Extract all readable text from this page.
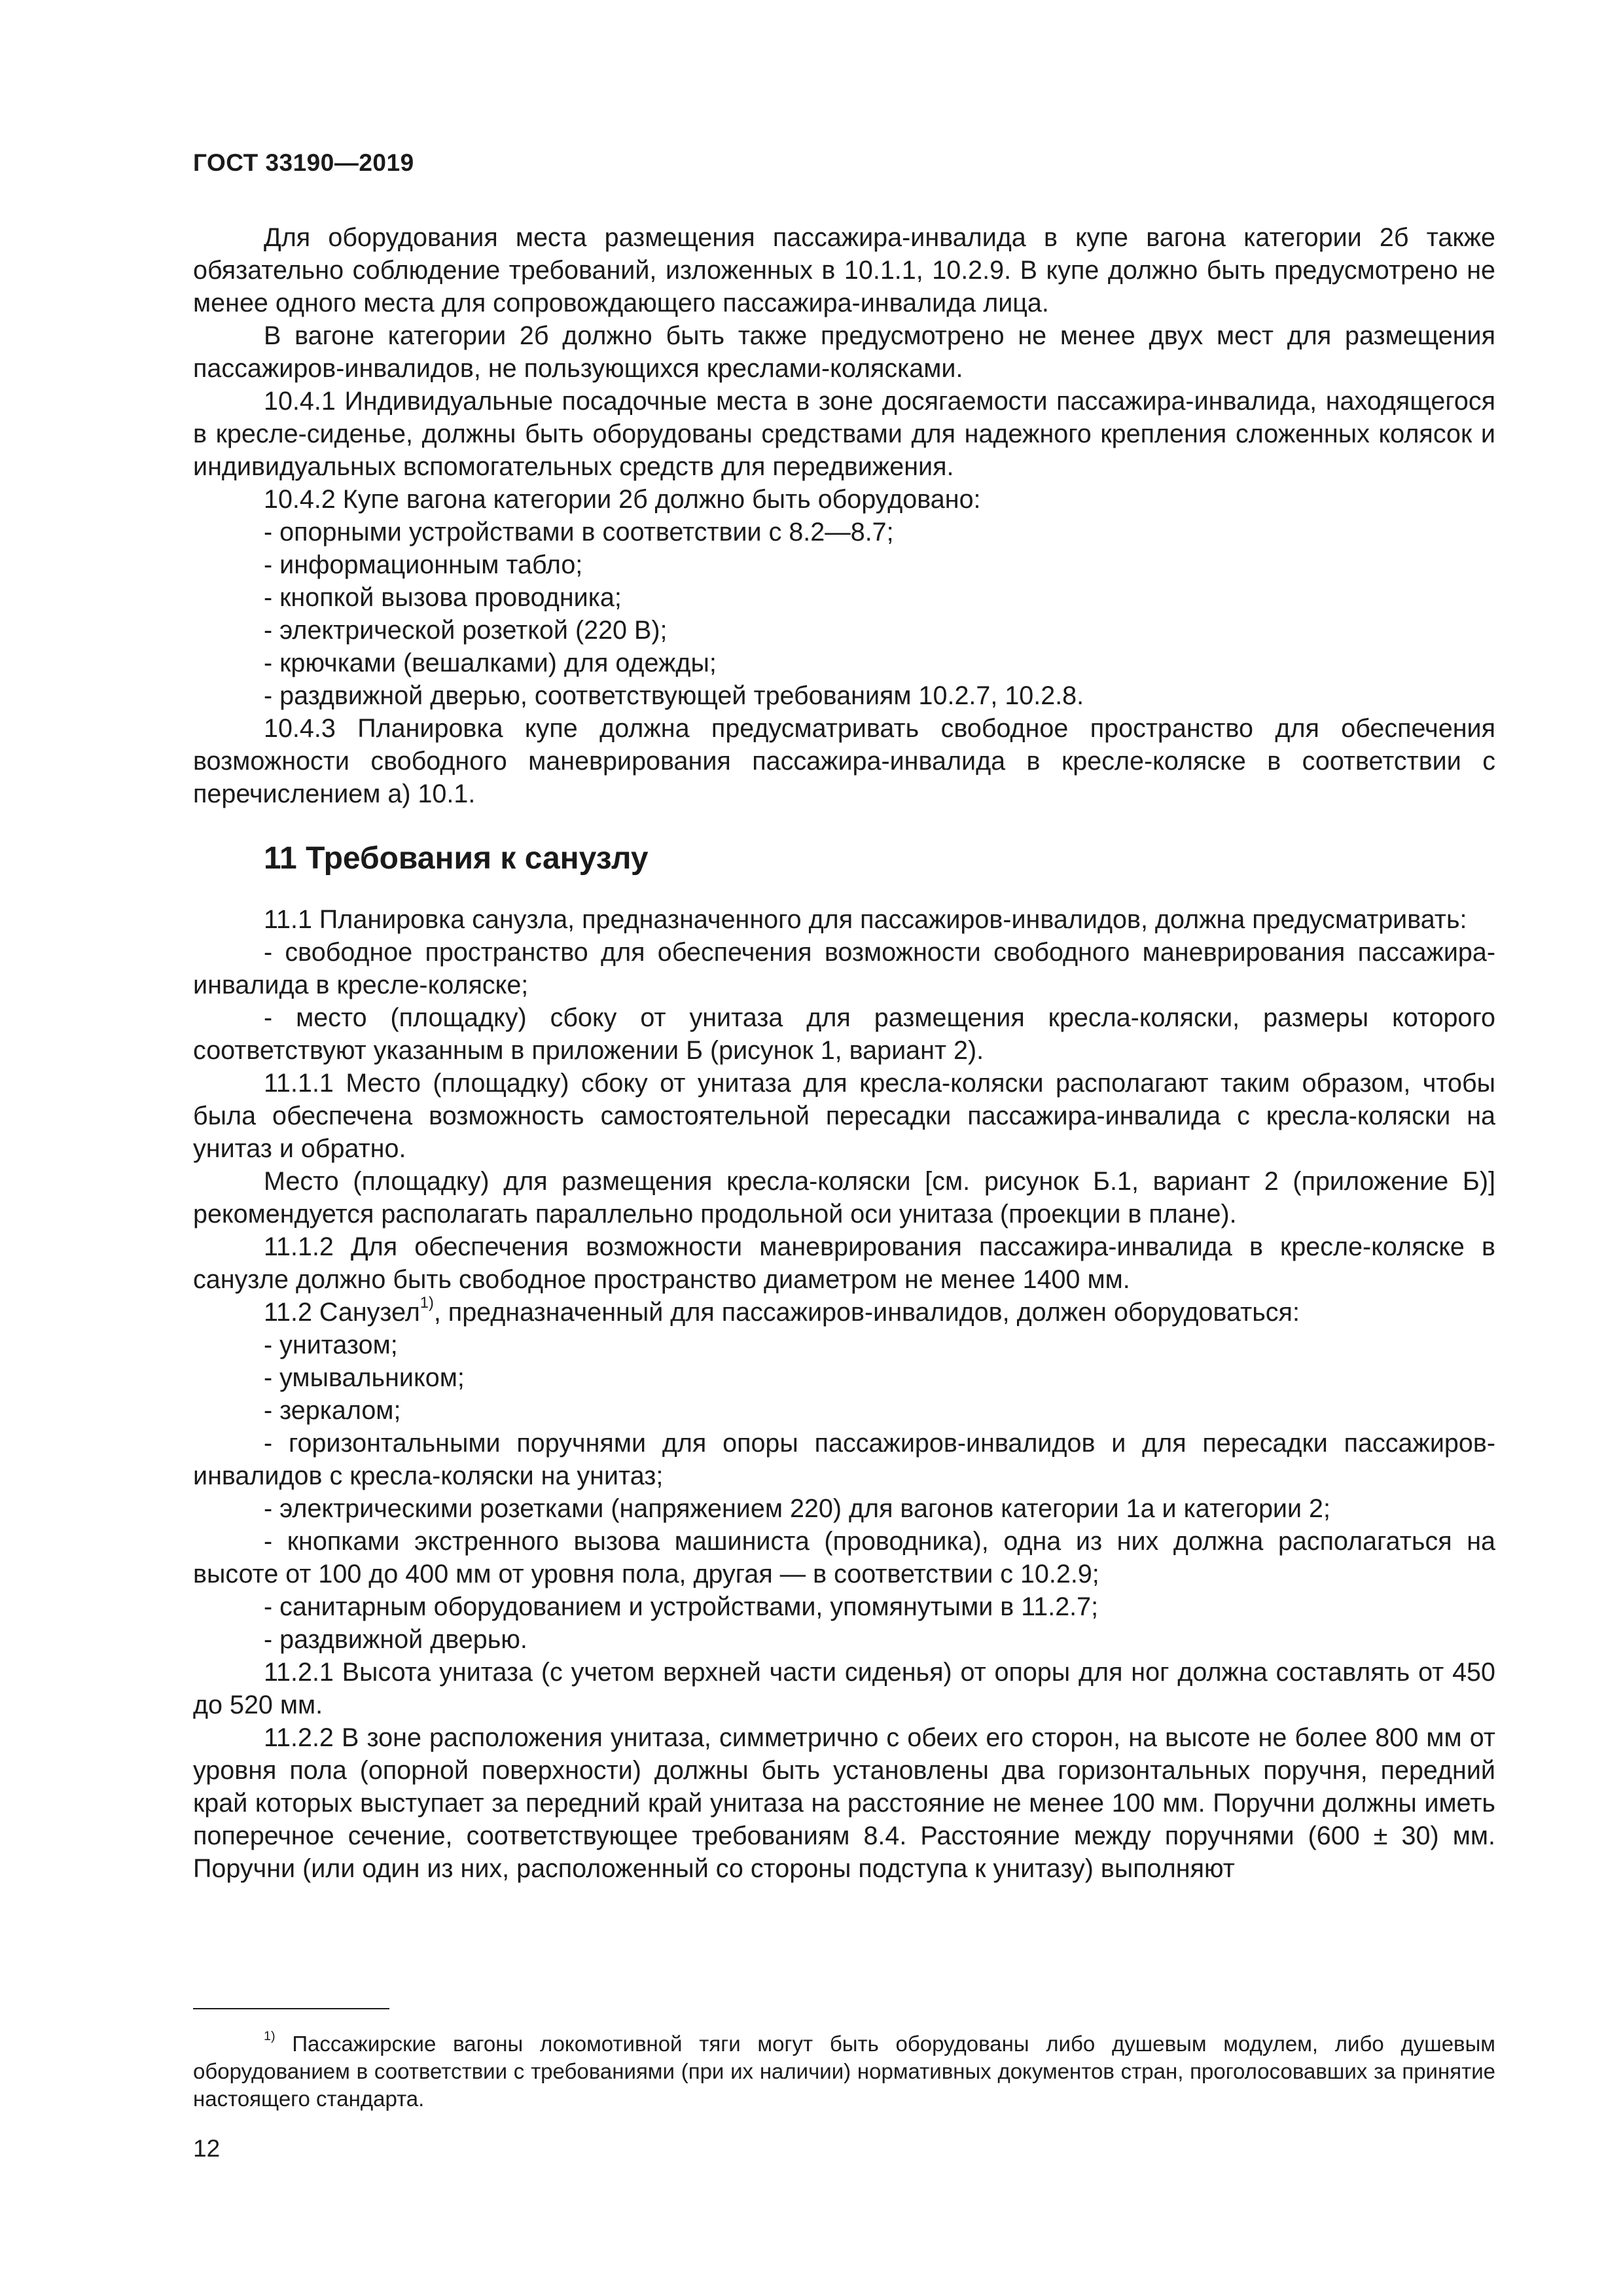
ГОСТ 33190—2019

Для оборудования места размещения пассажира-инвалида в купе вагона категории 2б также обязательно соблюдение требований, изложенных в 10.1.1, 10.2.9. В купе должно быть предусмотрено не менее одного места для сопровождающего пассажира-инвалида лица.

В вагоне категории 2б должно быть также предусмотрено не менее двух мест для размещения пассажиров-инвалидов, не пользующихся креслами-колясками.

10.4.1 Индивидуальные посадочные места в зоне досягаемости пассажира-инвалида, находящегося в кресле-сиденье, должны быть оборудованы средствами для надежного крепления сложенных колясок и индивидуальных вспомогательных средств для передвижения.

10.4.2 Купе вагона категории 2б должно быть оборудовано:

- опорными устройствами в соответствии с 8.2—8.7;

- информационным табло;

- кнопкой вызова проводника;

- электрической розеткой (220 В);

- крючками (вешалками) для одежды;

- раздвижной дверью, соответствующей требованиям 10.2.7, 10.2.8.

10.4.3 Планировка купе должна предусматривать свободное пространство для обеспечения возможности свободного маневрирования пассажира-инвалида в кресле-коляске в соответствии с перечислением а) 10.1.

11 Требования к санузлу

11.1 Планировка санузла, предназначенного для пассажиров-инвалидов, должна предусматривать:

- свободное пространство для обеспечения возможности свободного маневрирования пассажира-инвалида в кресле-коляске;

- место (площадку) сбоку от унитаза для размещения кресла-коляски, размеры которого соответствуют указанным в приложении Б (рисунок 1, вариант 2).

11.1.1 Место (площадку) сбоку от унитаза для кресла-коляски располагают таким образом, чтобы была обеспечена возможность самостоятельной пересадки пассажира-инвалида с кресла-коляски на унитаз и обратно.

Место (площадку) для размещения кресла-коляски [см. рисунок Б.1, вариант 2 (приложение Б)] рекомендуется располагать параллельно продольной оси унитаза (проекции в плане).

11.1.2 Для обеспечения возможности маневрирования пассажира-инвалида в кресле-коляске в санузле должно быть свободное пространство диаметром не менее 1400 мм.

11.2 Санузел$^{1)}$, предназначенный для пассажиров-инвалидов, должен оборудоваться:

- унитазом;

- умывальником;

- зеркалом;

- горизонтальными поручнями для опоры пассажиров-инвалидов и для пересадки пассажиров-инвалидов с кресла-коляски на унитаз;

- электрическими розетками (напряжением 220) для вагонов категории 1а и категории 2;

- кнопками экстренного вызова машиниста (проводника), одна из них должна располагаться на высоте от 100 до 400 мм от уровня пола, другая — в соответствии с 10.2.9;

- санитарным оборудованием и устройствами, упомянутыми в 11.2.7;

- раздвижной дверью.

11.2.1 Высота унитаза (с учетом верхней части сиденья) от опоры для ног должна составлять от 450 до 520 мм.

11.2.2 В зоне расположения унитаза, симметрично с обеих его сторон, на высоте не более 800 мм от уровня пола (опорной поверхности) должны быть установлены два горизонтальных поручня, передний край которых выступает за передний край унитаза на расстояние не менее 100 мм. Поручни должны иметь поперечное сечение, соответствующее требованиям 8.4. Расстояние между поручнями (600 ± 30) мм. Поручни (или один из них, расположенный со стороны подступа к унитазу) выполняют

$^{1)}$ Пассажирские вагоны локомотивной тяги могут быть оборудованы либо душевым модулем, либо душевым оборудованием в соответствии с требованиями (при их наличии) нормативных документов стран, проголосовавших за принятие настоящего стандарта.
12
